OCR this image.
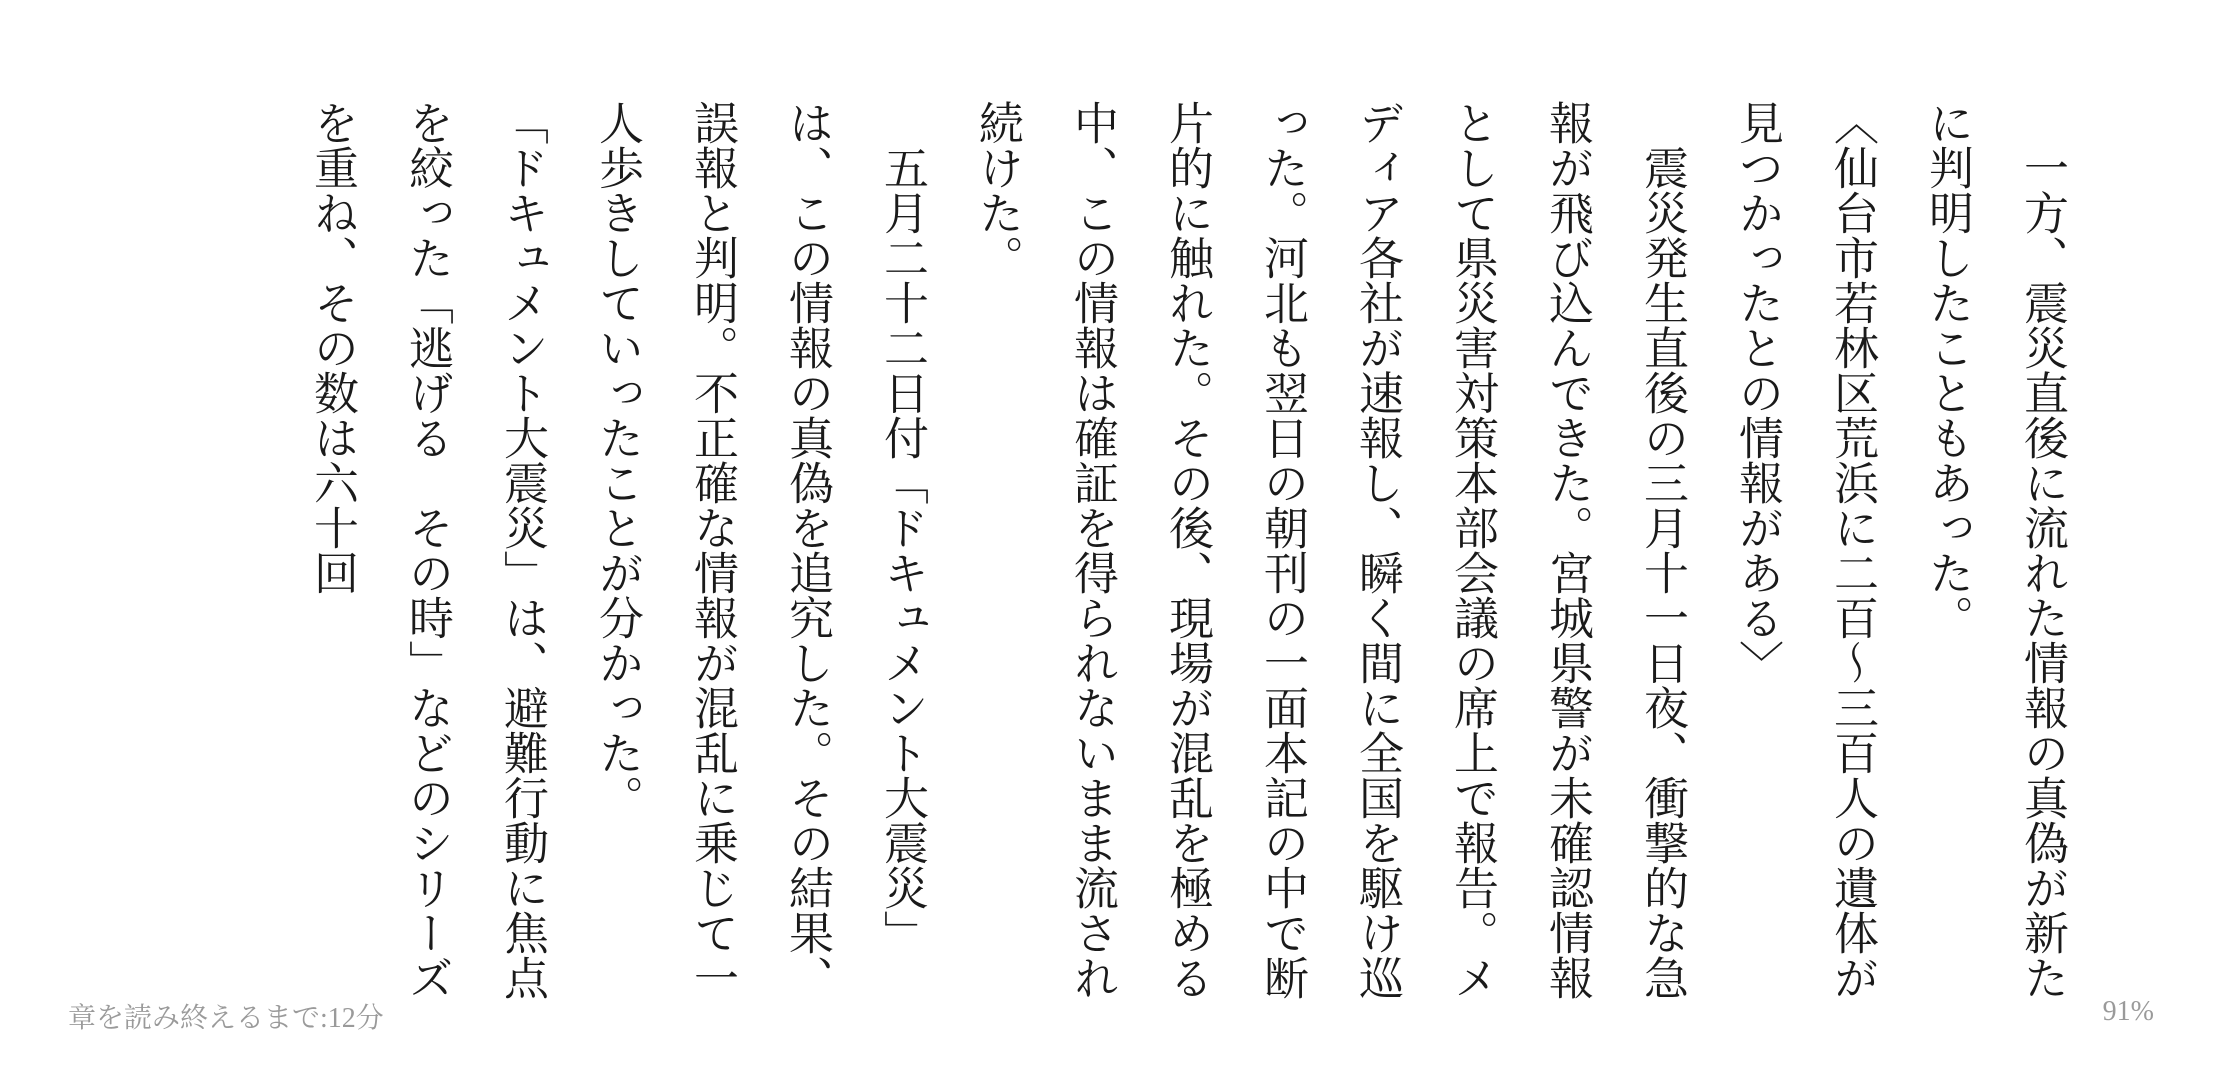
一方、震災直後に流れた情報の真偽が新たに判明したこともあった。

〈仙台市若林区荒浜に二百〜三百人の遺体が見つかったとの情報がある〉

震災発生直後の三月十一日夜、衝撃的な急報が飛び込んできた。宮城県警が未確認情報として県災害対策本部会議の席上で報告。メディア各社が速報し、瞬く間に全国を駆け巡った。河北も翌日の朝刊の一面本記の中で断片的に触れた。その後、現場が混乱を極める中、この情報は確証を得られないまま流され続けた。

五月二十二日付「ドキュメント大震災」は、この情報の真偽を追究した。その結果、誤報と判明。不正確な情報が混乱に乗じて一人歩きしていったことが分かった。

「ドキュメント大震災」は、避難行動に焦点を絞った「逃げる　その時」などのシリーズを重ね、その数は六十回

章を読み終えるまで:12分	91%
